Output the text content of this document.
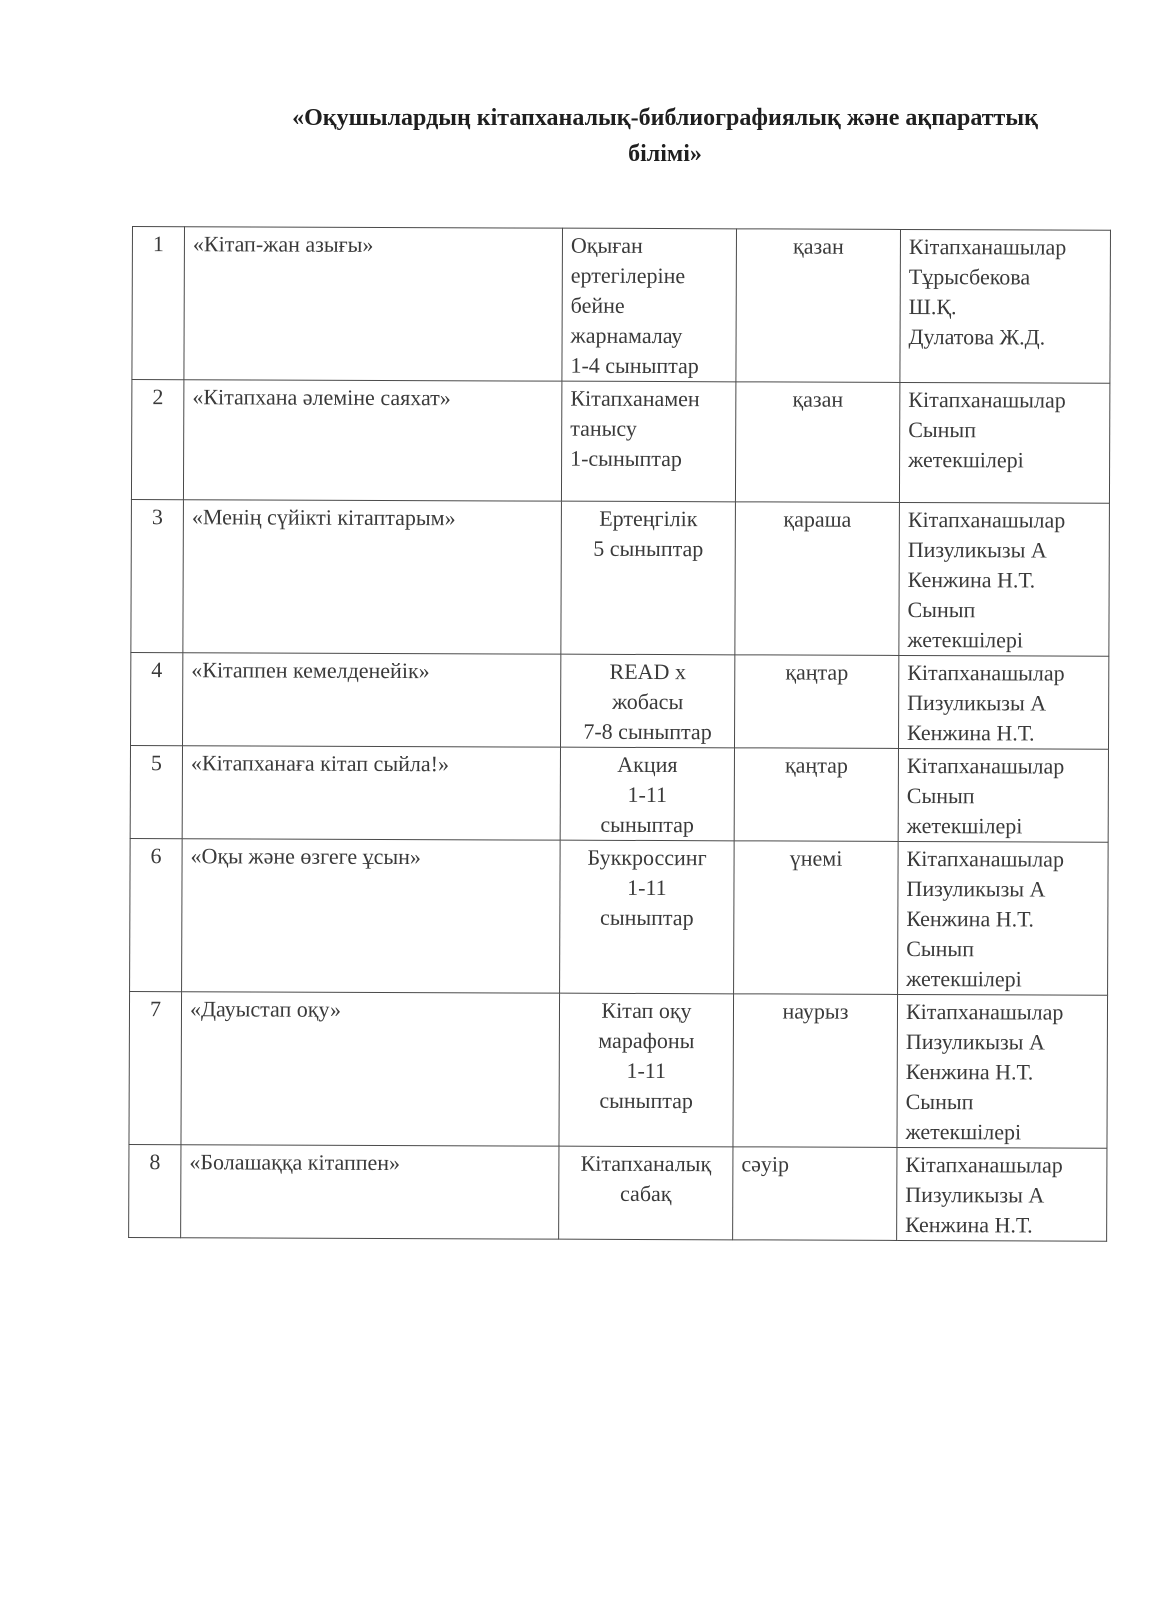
«Оқушылардың кітапханалық-библиографиялық және ақпараттық
білімі»
1	«Кітап-жан азығы»	Оқыған
ертегілеріне
бейне
жарнамалау
1-4 сыныптар	қазан	Кітапханашылар
Тұрысбекова
Ш.Қ.
Дулатова Ж.Д.
2	«Кітапхана әлеміне саяхат»	Кітапханамен
танысу
1-сыныптар	қазан	Кітапханашылар
Сынып
жетекшілері
3	«Менің сүйікті кітаптарым»	Ертеңгілік
5 сыныптар	қараша	Кітапханашылар
Пизуликызы А
Кенжина Н.Т.
Сынып
жетекшілері
4	«Кітаппен кемелденейік»	READ х
жобасы
7-8 сыныптар	қаңтар	Кітапханашылар
Пизуликызы А
Кенжина Н.Т.
5	«Кітапханаға кітап сыйла!»	Акция
1-11
сыныптар	қаңтар	Кітапханашылар
Сынып
жетекшілері
6	«Оқы және өзгеге ұсын»	Буккроссинг
1-11
сыныптар	үнемі	Кітапханашылар
Пизуликызы А
Кенжина Н.Т.
Сынып
жетекшілері
7	«Дауыстап оқу»	Кітап оқу
марафоны
1-11
сыныптар	наурыз	Кітапханашылар
Пизуликызы А
Кенжина Н.Т.
Сынып
жетекшілері
8	«Болашаққа кітаппен»	Кітапханалық
сабақ	сәуір	Кітапханашылар
Пизуликызы А
Кенжина Н.Т.
